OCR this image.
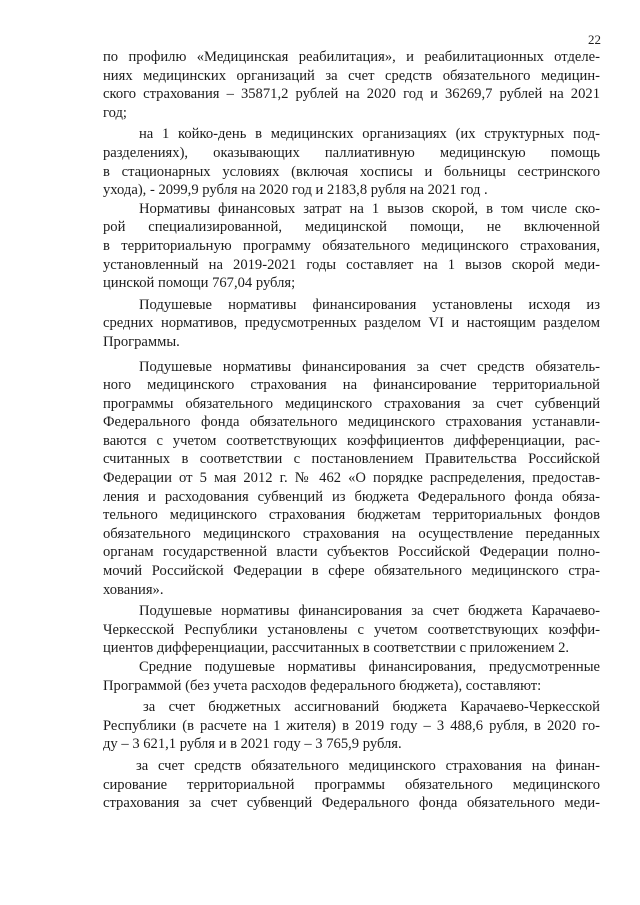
22
по профилю «Медицинская реабилитация», и реабилитационных отделе-
ниях медицинских организаций за счет средств обязательного медицин-
ского страхования – 35871,2 рублей на 2020 год и 36269,7 рублей на 2021
год;
на 1 койко-день в медицинских организациях (их структурных под-
разделениях), оказывающих паллиативную медицинскую помощь
в стационарных условиях (включая хосписы и больницы сестринского
ухода), - 2099,9 рубля на 2020 год и 2183,8 рубля на 2021 год .
Нормативы финансовых затрат на 1 вызов скорой, в том числе ско-
рой специализированной, медицинской помощи, не включенной
в территориальную программу обязательного медицинского страхования,
установленный на 2019-2021 годы составляет на 1 вызов скорой меди-
цинской помощи 767,04 рубля;
Подушевые нормативы финансирования установлены исходя из
средних нормативов, предусмотренных разделом VI и настоящим разделом
Программы.
Подушевые нормативы финансирования за счет средств обязатель-
ного медицинского страхования на финансирование территориальной
программы обязательного медицинского страхования за счет субвенций
Федерального фонда обязательного медицинского страхования устанавли-
ваются с учетом соответствующих коэффициентов дифференциации, рас-
считанных в соответствии с постановлением Правительства Российской
Федерации от 5 мая 2012 г. № 462 «О порядке распределения, предостав-
ления и расходования субвенций из бюджета Федерального фонда обяза-
тельного медицинского страхования бюджетам территориальных фондов
обязательного медицинского страхования на осуществление переданных
органам государственной власти субъектов Российской Федерации полно-
мочий Российской Федерации в сфере обязательного медицинского стра-
хования».
Подушевые нормативы финансирования за счет бюджета Карачаево-
Черкесской Республики установлены с учетом соответствующих коэффи-
циентов дифференциации, рассчитанных в соответствии с приложением 2.
Средние подушевые нормативы финансирования, предусмотренные
Программой (без учета расходов федерального бюджета), составляют:
за счет бюджетных ассигнований бюджета Карачаево-Черкесской
Республики (в расчете на 1 жителя) в 2019 году – 3 488,6 рубля, в 2020 го-
ду – 3 621,1 рубля и в 2021 году – 3 765,9 рубля.
за счет средств обязательного медицинского страхования на финан-
сирование территориальной программы обязательного медицинского
страхования за счет субвенций Федерального фонда обязательного меди-
